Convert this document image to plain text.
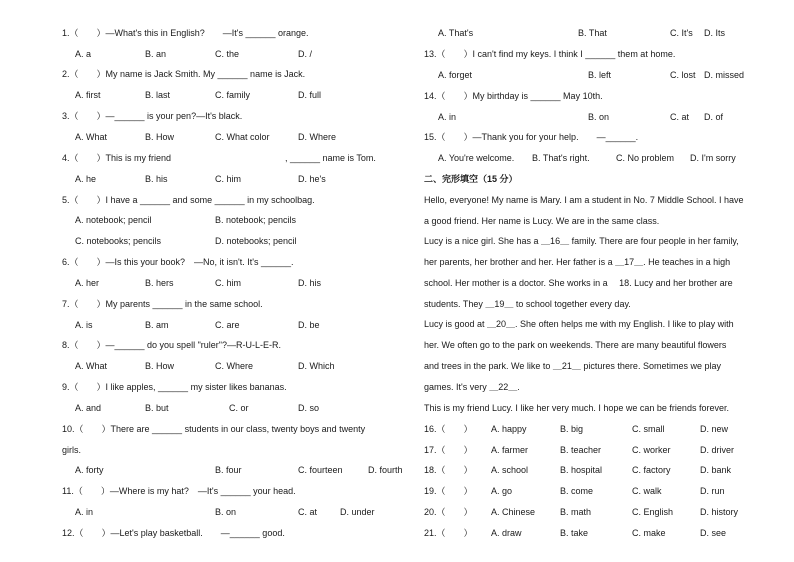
1.（　　）—What's this in English?　　—It's ______ orange.
A. a	B. an	C. the	D. /
2.（　　）My name is Jack Smith. My ______ name is Jack.
A. first	B. last	C. family	D. full
3.（　　）—______ is your pen?—It's black.
A. What	B. How	C. What color	D. Where
4.（　　）This is my friend	, ______ name is Tom.
A. he	B. his	C. him	D. he's
5.（　　）I have a ______ and some ______ in my schoolbag.
A. notebook; pencil	B. notebook; pencils
C. notebooks; pencils	D. notebooks; pencil
6.（　　）—Is this your book?　—No, it isn't. It's ______.
A. her	B. hers	C. him	D. his
7.（　　）My parents ______ in the same school.
A. is	B. am	C. are	D. be
8.（　　）—______ do you spell "ruler"?—R-U-L-E-R.
A. What	B. How	C. Where	D. Which
9.（　　）I like apples, ______ my sister likes bananas.
A. and	B. but	C. or	D. so
10.（　　）There are ______ students in our class, twenty boys and twenty
girls.
A. forty	B. four	C. fourteen	D. fourth
11.（　　）—Where is my hat?　—It's ______ your head.
A. in	B. on	C. at	D. under
12.（　　）—Let's play basketball.　　—______ good.
A. That's	B. That	C. It's D. Its
13.（　　）I can't find my keys. I think I ______ them at home.
A. forget	B. left	C. lost D. missed
14.（　　）My birthday is ______ May 10th.
A. in	B. on	C. at D. of
15.（　　）—Thank you for your help.　　—______.
A. You're welcome. B. That's right.	C. No problem D. I'm sorry
二、完形填空（15 分）
Hello, everyone! My name is Mary. I am a student in No. 7 Middle School. I have
a good friend. Her name is Lucy. We are in the same class.
Lucy is a nice girl. She has a ＿16＿ family. There are four people in her family,
her parents, her brother and her. Her father is a ＿17＿. He teaches in a high
school. Her mother is a doctor. She works in a　 18. Lucy and her brother are
students. They ＿19＿ to school together every day.
Lucy is good at ＿20＿. She often helps me with my English. I like to play with
her. We often go to the park on weekends. There are many beautiful flowers
and trees in the park. We like to ＿21＿ pictures there. Sometimes we play
games. It's very ＿22＿.
This is my friend Lucy. I like her very much. I hope we can be friends forever.
16.（　　） A. happy	B. big	C. small	D. new
17.（　　） A. farmer	B. teacher	C. worker	D. driver
18.（　　） A. school	B. hospital	C. factory	D. bank
19.（　　） A. go	B. come	C. walk	D. run
20.（　　） A. Chinese	B. math	C. English	D. history
21.（　　） A. draw	B. take	C. make	D. see
